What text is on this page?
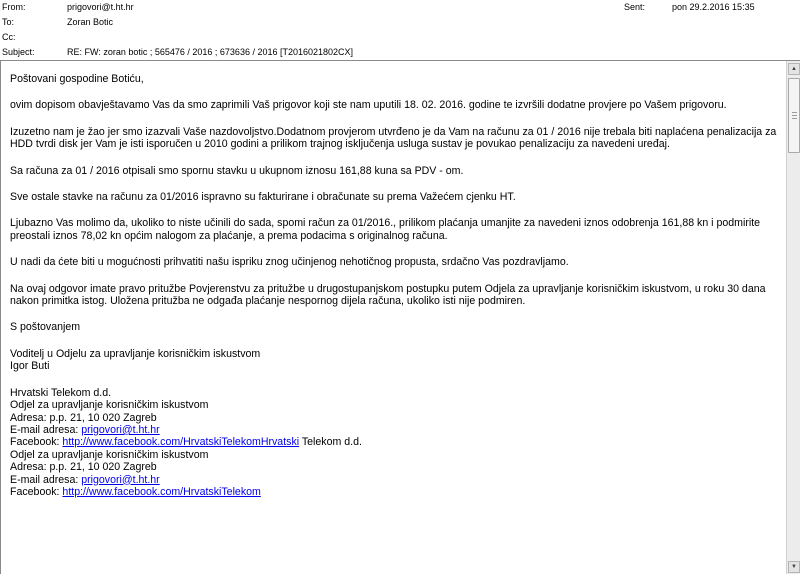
From:	prigovori@t.ht.hr	Sent:	pon 29.2.2016 15:35
To:	Zoran Botic
Cc:
Subject:	RE: FW: zoran botic ; 565476 / 2016 ; 673636 / 2016 [T2016021802CX]

Poštovani gospodine Botiću,

ovim dopisom obavještavamo Vas da smo zaprimili Vaš prigovor koji ste nam uputili 18. 02. 2016. godine te izvršili dodatne provjere po Vašem prigovoru.

Izuzetno nam je žao jer smo izazvali Vaše nazdovoljstvo.Dodatnom provjerom utvrđeno je da Vam na računu za 01 / 2016 nije trebala biti naplaćena penalizacija za HDD tvrdi disk jer Vam je isti isporučen u 2010 godini a prilikom trajnog isključenja usluga sustav je povukao penalizaciju za navedeni uređaj.

Sa računa za 01 / 2016 otpisali smo spornu stavku u ukupnom iznosu 161,88 kuna sa PDV - om.

Sve ostale stavke na računu za 01/2016 ispravno su fakturirane i obračunate su prema Važećem cjenku HT.

Ljubazno Vas molimo da, ukoliko to niste učinili do sada, spomi račun za 01/2016., prilikom plaćanja umanjite za navedeni iznos odobrenja 161,88 kn i podmirite preostali iznos 78,02 kn općim nalogom za plaćanje, a prema podacima s originalnog računa.

U nadi da ćete biti u mogućnosti prihvatiti našu ispriku znog učinjenog nehotičnog propusta, srdačno Vas pozdravljamo.

Na ovaj odgovor imate pravo pritužbe Povjerenstvu za pritužbe u drugostupanjskom postupku putem Odjela za upravljanje korisničkim iskustvom, u roku 30 dana nakon primitka istog. Uložena pritužba ne odgađa plaćanje nespornog dijela računa, ukoliko isti nije podmiren.

S poštovanjem

Voditelj u Odjelu za upravljanje korisničkim iskustvom
Igor Buti
Hrvatski Telekom d.d.
Odjel za upravljanje korisničkim iskustvom
Adresa: p.p. 21, 10 020 Zagreb
E-mail adresa: prigovori@t.ht.hr
Facebook: http://www.facebook.com/HrvatskiTelekomHrvatski Telekom d.d.
Odjel za upravljanje korisničkim iskustvom
Adresa: p.p. 21, 10 020 Zagreb
E-mail adresa: prigovori@t.ht.hr
Facebook: http://www.facebook.com/HrvatskiTelekom
▲
▼
